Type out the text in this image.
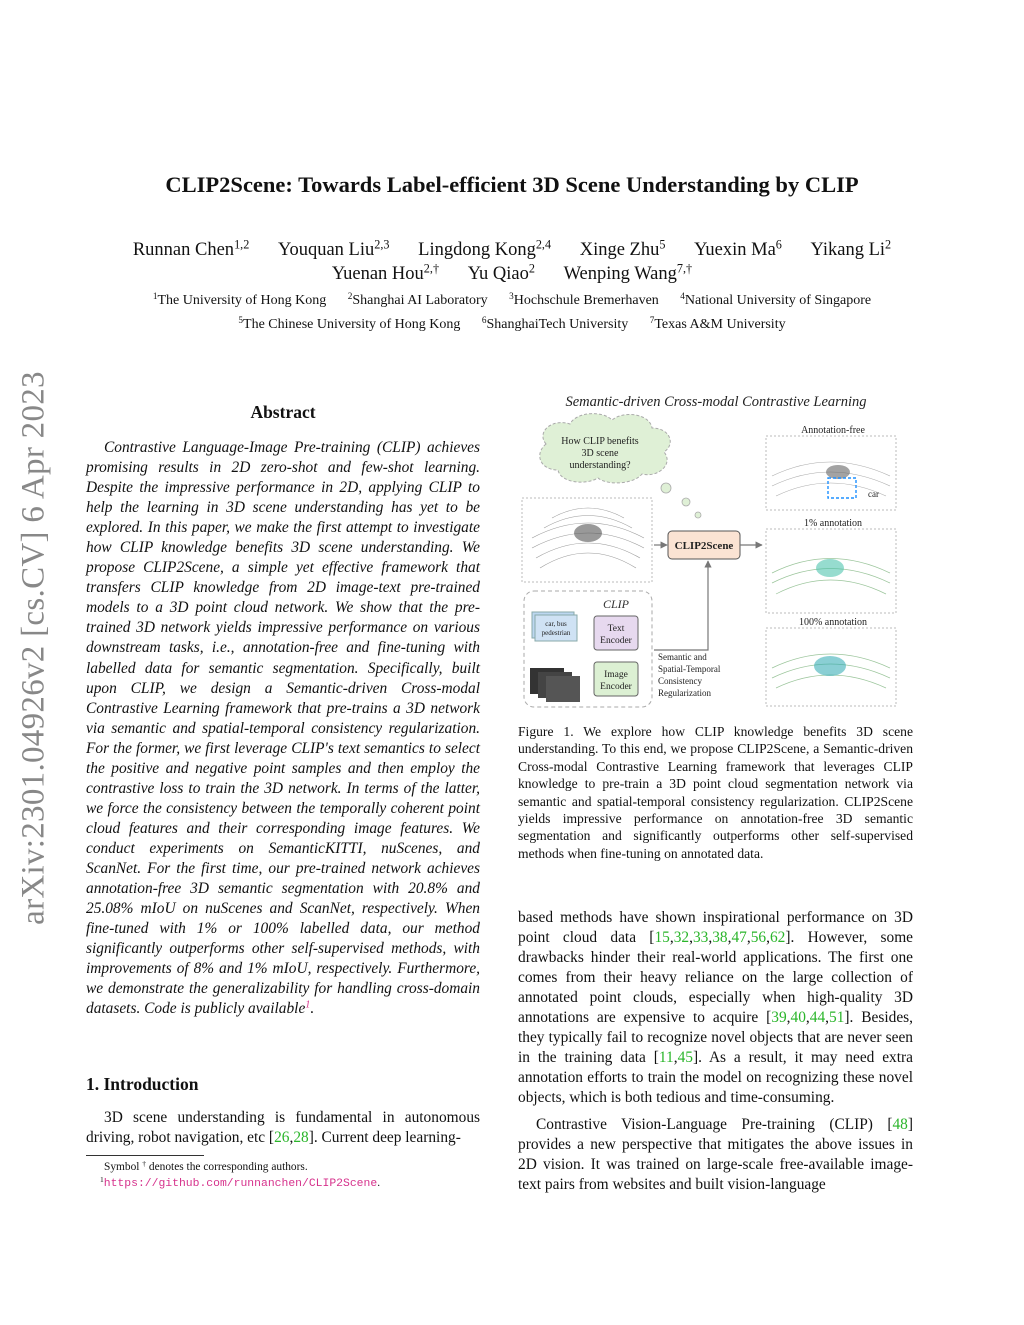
arXiv:2301.04926v2 [cs.CV] 6 Apr 2023
CLIP2Scene: Towards Label-efficient 3D Scene Understanding by CLIP
Runnan Chen$^{1,2}$ Youquan Liu$^{2,3}$ Lingdong Kong$^{2,4}$ Xinge Zhu$^5$ Yuexin Ma$^6$ Yikang Li$^2$
Yuenan Hou$^{2,\dagger}$ Yu Qiao$^2$ Wenping Wang$^{7,\dagger}$
$^1$The University of Hong Kong $^2$Shanghai AI Laboratory $^3$Hochschule Bremerhaven $^4$National University of Singapore
$^5$The Chinese University of Hong Kong $^6$ShanghaiTech University $^7$Texas A&M University
Abstract

Contrastive Language-Image Pre-training (CLIP) achieves promising results in 2D zero-shot and few-shot learning. Despite the impressive performance in 2D, applying CLIP to help the learning in 3D scene understanding has yet to be explored. In this paper, we make the first attempt to investigate how CLIP knowledge benefits 3D scene understanding. We propose CLIP2Scene, a simple yet effective framework that transfers CLIP knowledge from 2D image-text pre-trained models to a 3D point cloud network. We show that the pre-trained 3D network yields impressive performance on various downstream tasks, i.e., annotation-free and fine-tuning with labelled data for semantic segmentation. Specifically, built upon CLIP, we design a Semantic-driven Cross-modal Contrastive Learning framework that pre-trains a 3D network via semantic and spatial-temporal consistency regularization. For the former, we first leverage CLIP's text semantics to select the positive and negative point samples and then employ the contrastive loss to train the 3D network. In terms of the latter, we force the consistency between the temporally coherent point cloud features and their corresponding image features. We conduct experiments on SemanticKITTI, nuScenes, and ScanNet. For the first time, our pre-trained network achieves annotation-free 3D semantic segmentation with 20.8% and 25.08% mIoU on nuScenes and ScanNet, respectively. When fine-tuned with 1% or 100% labelled data, our method significantly outperforms other self-supervised methods, with improvements of 8% and 1% mIoU, respectively. Furthermore, we demonstrate the generalizability for handling cross-domain datasets. Code is publicly available$^1$.

1. Introduction

3D scene understanding is fundamental in autonomous driving, robot navigation, etc [26,28]. Current deep learning-

Symbol † denotes the corresponding authors.
$^1$https://github.com/runnanchen/CLIP2Scene.
Semantic-driven Cross-modal Contrastive Learning
How CLIP benefits
3D scene
understanding?
CLIP2Scene
CLIP
car, bus
pedestrian	Text
Encoder
Image
Encoder
Semantic and
Spatial-Temporal
Consistency
Regularization
Annotation-free
car
1% annotation
100% annotation
Figure 1. We explore how CLIP knowledge benefits 3D scene understanding. To this end, we propose CLIP2Scene, a Semantic-driven Cross-modal Contrastive Learning framework that leverages CLIP knowledge to pre-train a 3D point cloud segmentation network via semantic and spatial-temporal consistency regularization. CLIP2Scene yields impressive performance on annotation-free 3D semantic segmentation and significantly outperforms other self-supervised methods when fine-tuning on annotated data.

based methods have shown inspirational performance on 3D point cloud data [15,32,33,38,47,56,62]. However, some drawbacks hinder their real-world applications. The first one comes from their heavy reliance on the large collection of annotated point clouds, especially when high-quality 3D annotations are expensive to acquire [39,40,44,51]. Besides, they typically fail to recognize novel objects that are never seen in the training data [11,45]. As a result, it may need extra annotation efforts to train the model on recognizing these novel objects, which is both tedious and time-consuming.

Contrastive Vision-Language Pre-training (CLIP) [48] provides a new perspective that mitigates the above issues in 2D vision. It was trained on large-scale free-available image-text pairs from websites and built vision-language
